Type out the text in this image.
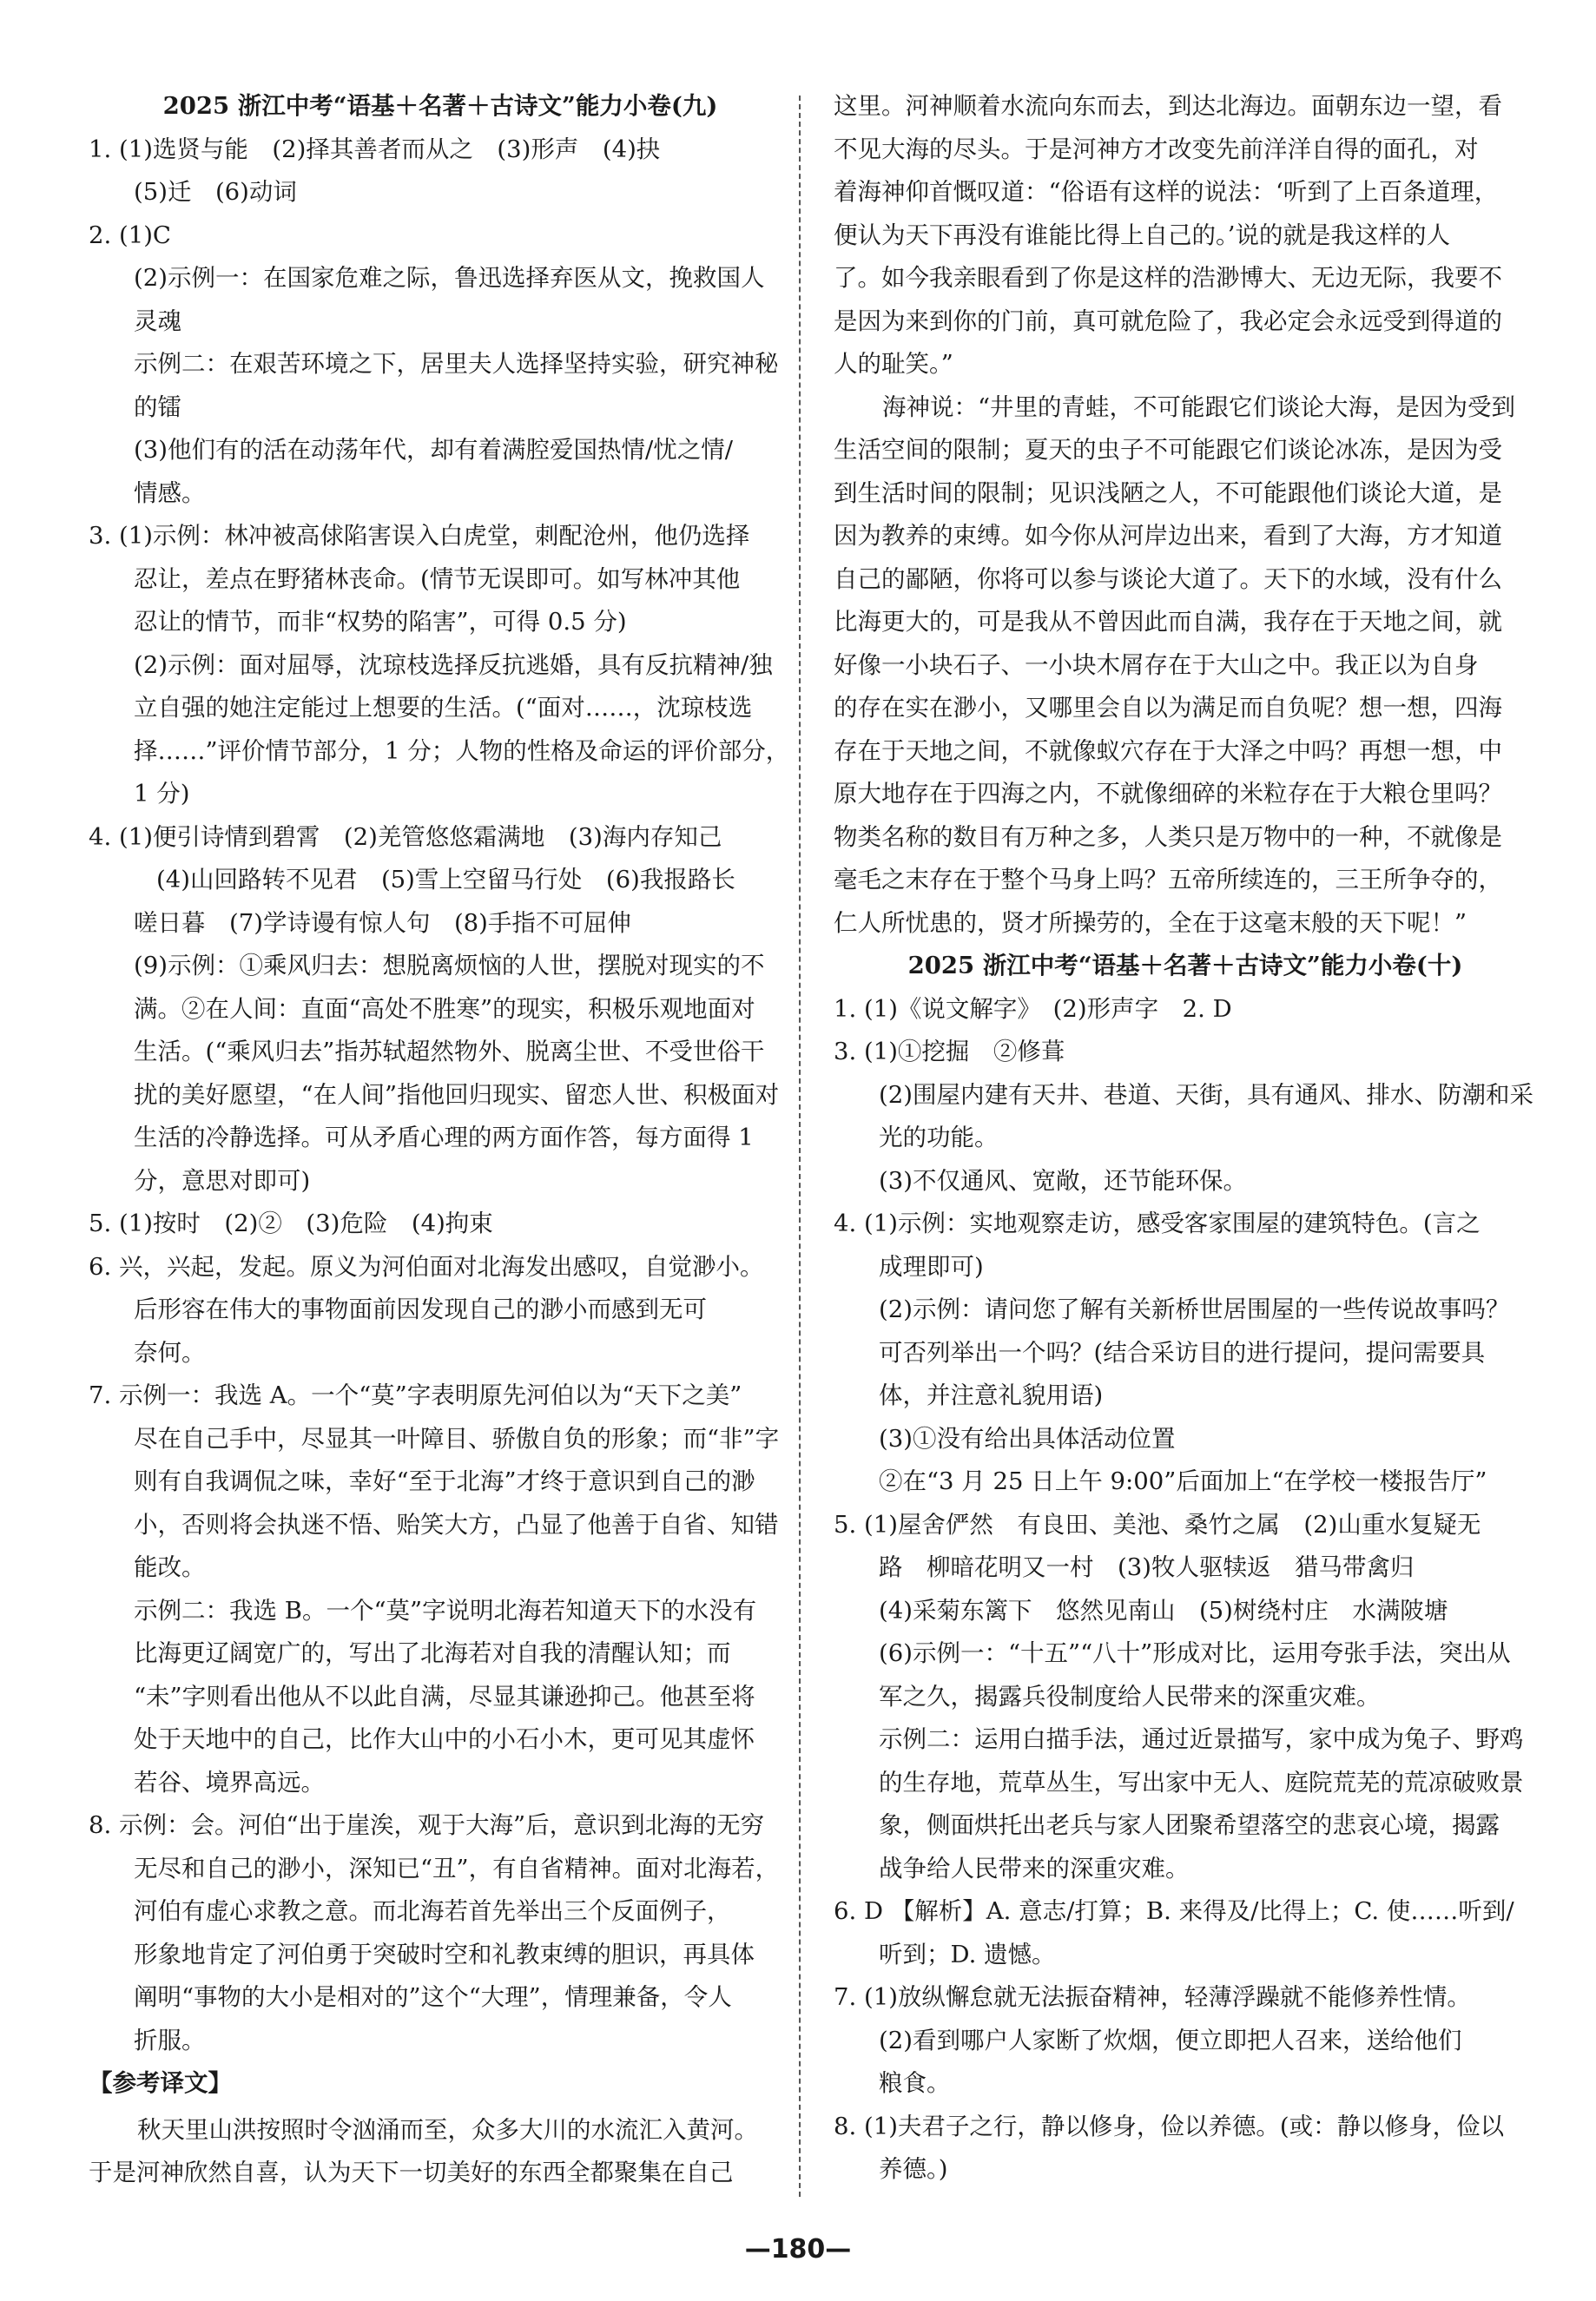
2025 浙江中考“语基＋名著＋古诗文”能力小卷(九)
1. (1)选贤与能　(2)择其善者而从之　(3)形声　(4)抉
(5)迁　(6)动词
2. (1)C
(2)示例一：在国家危难之际，鲁迅选择弃医从文，挽救国人
灵魂
示例二：在艰苦环境之下，居里夫人选择坚持实验，研究神秘
的镭
(3)他们有的活在动荡年代，却有着满腔爱国热情/忧之情/
情感。
3. (1)示例：林冲被高俅陷害误入白虎堂，刺配沧州，他仍选择
忍让，差点在野猪林丧命。(情节无误即可。如写林冲其他
忍让的情节，而非“权势的陷害”，可得 0.5 分)
(2)示例：面对屈辱，沈琼枝选择反抗逃婚，具有反抗精神/独
立自强的她注定能过上想要的生活。(“面对……，沈琼枝选
择……”评价情节部分，1 分；人物的性格及命运的评价部分，
1 分)
4. (1)便引诗情到碧霄　(2)羌管悠悠霜满地　(3)海内存知己
(4)山回路转不见君　(5)雪上空留马行处　(6)我报路长
嗟日暮　(7)学诗谩有惊人句　(8)手指不可屈伸
(9)示例：①乘风归去：想脱离烦恼的人世，摆脱对现实的不
满。②在人间：直面“高处不胜寒”的现实，积极乐观地面对
生活。(“乘风归去”指苏轼超然物外、脱离尘世、不受世俗干
扰的美好愿望，“在人间”指他回归现实、留恋人世、积极面对
生活的冷静选择。可从矛盾心理的两方面作答，每方面得 1
分，意思对即可)
5. (1)按时　(2)②　(3)危险　(4)拘束
6. 兴，兴起，发起。原义为河伯面对北海发出感叹，自觉渺小。
后形容在伟大的事物面前因发现自己的渺小而感到无可
奈何。
7. 示例一：我选 A。一个“莫”字表明原先河伯以为“天下之美”
尽在自己手中，尽显其一叶障目、骄傲自负的形象；而“非”字
则有自我调侃之味，幸好“至于北海”才终于意识到自己的渺
小，否则将会执迷不悟、贻笑大方，凸显了他善于自省、知错
能改。
示例二：我选 B。一个“莫”字说明北海若知道天下的水没有
比海更辽阔宽广的，写出了北海若对自我的清醒认知；而
“未”字则看出他从不以此自满，尽显其谦逊抑己。他甚至将
处于天地中的自己，比作大山中的小石小木，更可见其虚怀
若谷、境界高远。
8. 示例：会。河伯“出于崖涘，观于大海”后，意识到北海的无穷
无尽和自己的渺小，深知已“丑”，有自省精神。面对北海若，
河伯有虚心求教之意。而北海若首先举出三个反面例子，
形象地肯定了河伯勇于突破时空和礼教束缚的胆识，再具体
阐明“事物的大小是相对的”这个“大理”，情理兼备，令人
折服。
【参考译文】
秋天里山洪按照时令汹涌而至，众多大川的水流汇入黄河。
于是河神欣然自喜，认为天下一切美好的东西全都聚集在自己
这里。河神顺着水流向东而去，到达北海边。面朝东边一望，看
不见大海的尽头。于是河神方才改变先前洋洋自得的面孔，对
着海神仰首慨叹道：“俗语有这样的说法：‘听到了上百条道理，
便认为天下再没有谁能比得上自己的。’说的就是我这样的人
了。如今我亲眼看到了你是这样的浩渺博大、无边无际，我要不
是因为来到你的门前，真可就危险了，我必定会永远受到得道的
人的耻笑。”
海神说：“井里的青蛙，不可能跟它们谈论大海，是因为受到
生活空间的限制；夏天的虫子不可能跟它们谈论冰冻，是因为受
到生活时间的限制；见识浅陋之人，不可能跟他们谈论大道，是
因为教养的束缚。如今你从河岸边出来，看到了大海，方才知道
自己的鄙陋，你将可以参与谈论大道了。天下的水域，没有什么
比海更大的，可是我从不曾因此而自满，我存在于天地之间，就
好像一小块石子、一小块木屑存在于大山之中。我正以为自身
的存在实在渺小，又哪里会自以为满足而自负呢？想一想，四海
存在于天地之间，不就像蚁穴存在于大泽之中吗？再想一想，中
原大地存在于四海之内，不就像细碎的米粒存在于大粮仓里吗？
物类名称的数目有万种之多，人类只是万物中的一种，不就像是
毫毛之末存在于整个马身上吗？五帝所续连的，三王所争夺的，
仁人所忧患的，贤才所操劳的，全在于这毫末般的天下呢！”
2025 浙江中考“语基＋名著＋古诗文”能力小卷(十)
1. (1)《说文解字》　(2)形声字　2. D
3. (1)①挖掘　②修葺
(2)围屋内建有天井、巷道、天街，具有通风、排水、防潮和采
光的功能。
(3)不仅通风、宽敞，还节能环保。
4. (1)示例：实地观察走访，感受客家围屋的建筑特色。(言之
成理即可)
(2)示例：请问您了解有关新桥世居围屋的一些传说故事吗？
可否列举出一个吗？(结合采访目的进行提问，提问需要具
体，并注意礼貌用语)
(3)①没有给出具体活动位置
②在“3 月 25 日上午 9:00”后面加上“在学校一楼报告厅”
5. (1)屋舍俨然　有良田、美池、桑竹之属　(2)山重水复疑无
路　柳暗花明又一村　(3)牧人驱犊返　猎马带禽归
(4)采菊东篱下　悠然见南山　(5)树绕村庄　水满陂塘
(6)示例一：“十五”“八十”形成对比，运用夸张手法，突出从
军之久，揭露兵役制度给人民带来的深重灾难。
示例二：运用白描手法，通过近景描写，家中成为兔子、野鸡
的生存地，荒草丛生，写出家中无人、庭院荒芜的荒凉破败景
象，侧面烘托出老兵与家人团聚希望落空的悲哀心境，揭露
战争给人民带来的深重灾难。
6. D 【解析】A. 意志/打算；B. 来得及/比得上；C. 使……听到/
听到；D. 遗憾。
7. (1)放纵懈怠就无法振奋精神，轻薄浮躁就不能修养性情。
(2)看到哪户人家断了炊烟，便立即把人召来，送给他们
粮食。
8. (1)夫君子之行，静以修身，俭以养德。(或：静以修身，俭以
养德。)
—180—
